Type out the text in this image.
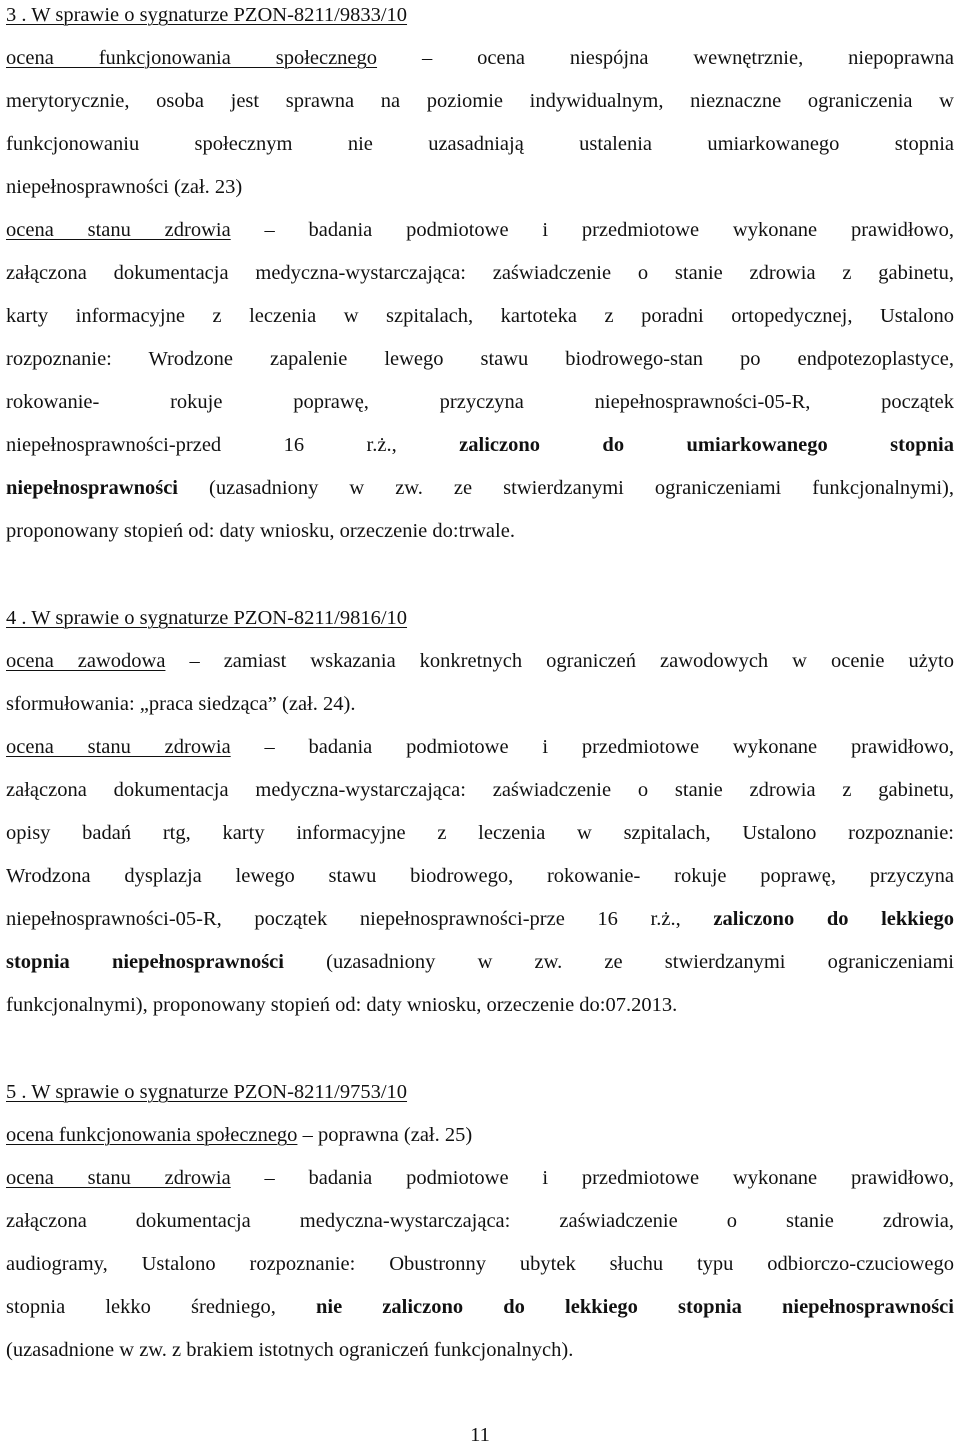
3 . W sprawie o sygnaturze PZON-8211/9833/10
ocena funkcjonowania społecznego – ocena niespójna wewnętrznie, niepoprawna
merytorycznie, osoba jest sprawna na poziomie indywidualnym, nieznaczne ograniczenia w
funkcjonowaniu społecznym nie uzasadniają ustalenia umiarkowanego stopnia
niepełnosprawności (zał. 23)
ocena stanu zdrowia – badania podmiotowe i przedmiotowe wykonane prawidłowo,
załączona dokumentacja medyczna-wystarczająca: zaświadczenie o stanie zdrowia z gabinetu,
karty informacyjne z leczenia w szpitalach, kartoteka z poradni ortopedycznej, Ustalono
rozpoznanie: Wrodzone zapalenie lewego stawu biodrowego-stan po endpotezoplastyce,
rokowanie- rokuje poprawę, przyczyna niepełnosprawności-05-R, początek
niepełnosprawności-przed 16 r.ż., zaliczono do umiarkowanego stopnia
niepełnosprawności (uzasadniony w zw. ze stwierdzanymi ograniczeniami funkcjonalnymi),
proponowany stopień od: daty wniosku, orzeczenie do:trwale.
4 . W sprawie o sygnaturze PZON-8211/9816/10
ocena zawodowa – zamiast wskazania konkretnych ograniczeń zawodowych w ocenie użyto
sformułowania: „praca siedząca” (zał. 24).
ocena stanu zdrowia – badania podmiotowe i przedmiotowe wykonane prawidłowo,
załączona dokumentacja medyczna-wystarczająca: zaświadczenie o stanie zdrowia z gabinetu,
opisy badań rtg, karty informacyjne z leczenia w szpitalach, Ustalono rozpoznanie:
Wrodzona dysplazja lewego stawu biodrowego, rokowanie- rokuje poprawę, przyczyna
niepełnosprawności-05-R, początek niepełnosprawności-prze 16 r.ż., zaliczono do lekkiego
stopnia niepełnosprawności (uzasadniony w zw. ze stwierdzanymi ograniczeniami
funkcjonalnymi), proponowany stopień od: daty wniosku, orzeczenie do:07.2013.
5 . W sprawie o sygnaturze PZON-8211/9753/10
ocena funkcjonowania społecznego – poprawna (zał. 25)
ocena stanu zdrowia – badania podmiotowe i przedmiotowe wykonane prawidłowo,
załączona dokumentacja medyczna-wystarczająca: zaświadczenie o stanie zdrowia,
audiogramy, Ustalono rozpoznanie: Obustronny ubytek słuchu typu odbiorczo-czuciowego
stopnia lekko średniego, nie zaliczono do lekkiego stopnia niepełnosprawności
(uzasadnione w zw. z brakiem istotnych ograniczeń funkcjonalnych).
11
